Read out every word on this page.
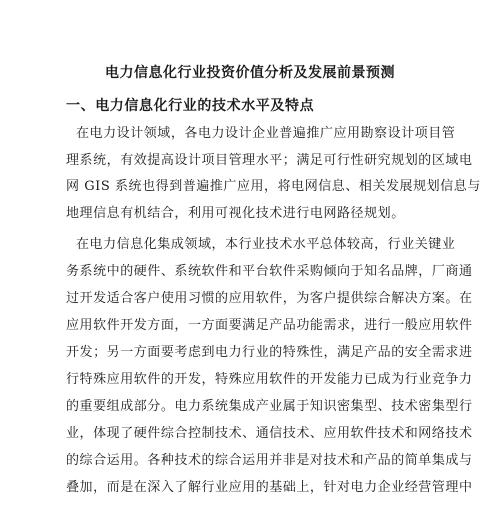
电力信息化行业投资价值分析及发展前景预测
一、电力信息化行业的技术水平及特点
在电力设计领域，各电力设计企业普遍推广应用勘察设计项目管
理系统，有效提高设计项目管理水平；满足可行性研究规划的区域电
网 GIS 系统也得到普遍推广应用，将电网信息、相关发展规划信息与
地理信息有机结合，利用可视化技术进行电网路径规划。
在电力信息化集成领域，本行业技术水平总体较高，行业关键业
务系统中的硬件、系统软件和平台软件采购倾向于知名品牌，厂商通
过开发适合客户使用习惯的应用软件，为客户提供综合解决方案。在
应用软件开发方面，一方面要满足产品功能需求，进行一般应用软件
开发；另一方面要考虑到电力行业的特殊性，满足产品的安全需求进
行特殊应用软件的开发，特殊应用软件的开发能力已成为行业竞争力
的重要组成部分。电力系统集成产业属于知识密集型、技术密集型行
业，体现了硬件综合控制技术、通信技术、应用软件技术和网络技术
的综合运用。各种技术的综合运用并非是对技术和产品的简单集成与
叠加，而是在深入了解行业应用的基础上，针对电力企业经营管理中
